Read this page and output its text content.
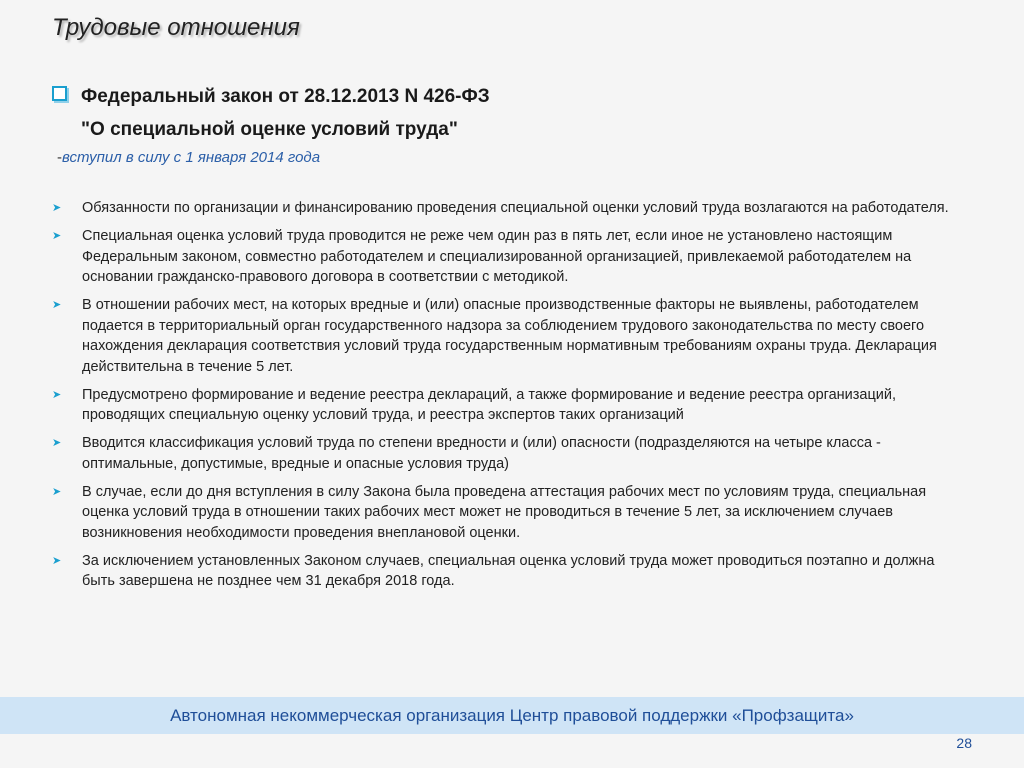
Трудовые отношения
Федеральный закон от 28.12.2013 N 426-ФЗ
"О специальной оценке условий труда"
-вступил в силу с 1 января 2014 года
➤	Обязанности по организации и финансированию проведения специальной оценки условий труда возлагаются на работодателя.
➤	Специальная оценка условий труда проводится не реже чем один раз в пять лет, если иное не установлено настоящим Федеральным законом, совместно работодателем и специализированной организацией, привлекаемой работодателем на основании гражданско-правового договора в соответствии с методикой.
➤	В отношении рабочих мест, на которых вредные и (или) опасные производственные факторы не выявлены, работодателем подается в территориальный орган государственного надзора за соблюдением трудового законодательства по месту своего нахождения декларация соответствия условий труда государственным нормативным требованиям охраны труда. Декларация действительна в течение 5 лет.
➤	Предусмотрено формирование и ведение реестра деклараций, а также формирование и ведение реестра организаций, проводящих специальную оценку условий труда, и реестра экспертов таких организаций
➤	Вводится классификация условий труда по степени вредности и (или) опасности (подразделяются на четыре класса - оптимальные, допустимые, вредные и опасные условия труда)
➤	В случае, если до дня вступления в силу Закона была проведена аттестация рабочих мест по условиям труда, специальная оценка условий труда в отношении таких рабочих мест может не проводиться в течение 5 лет, за исключением случаев возникновения необходимости проведения внеплановой оценки.
➤	За исключением установленных Законом случаев, специальная оценка условий труда может проводиться поэтапно и должна быть завершена не позднее чем 31 декабря 2018 года.
Автономная некоммерческая организация Центр правовой поддержки «Профзащита»
28
